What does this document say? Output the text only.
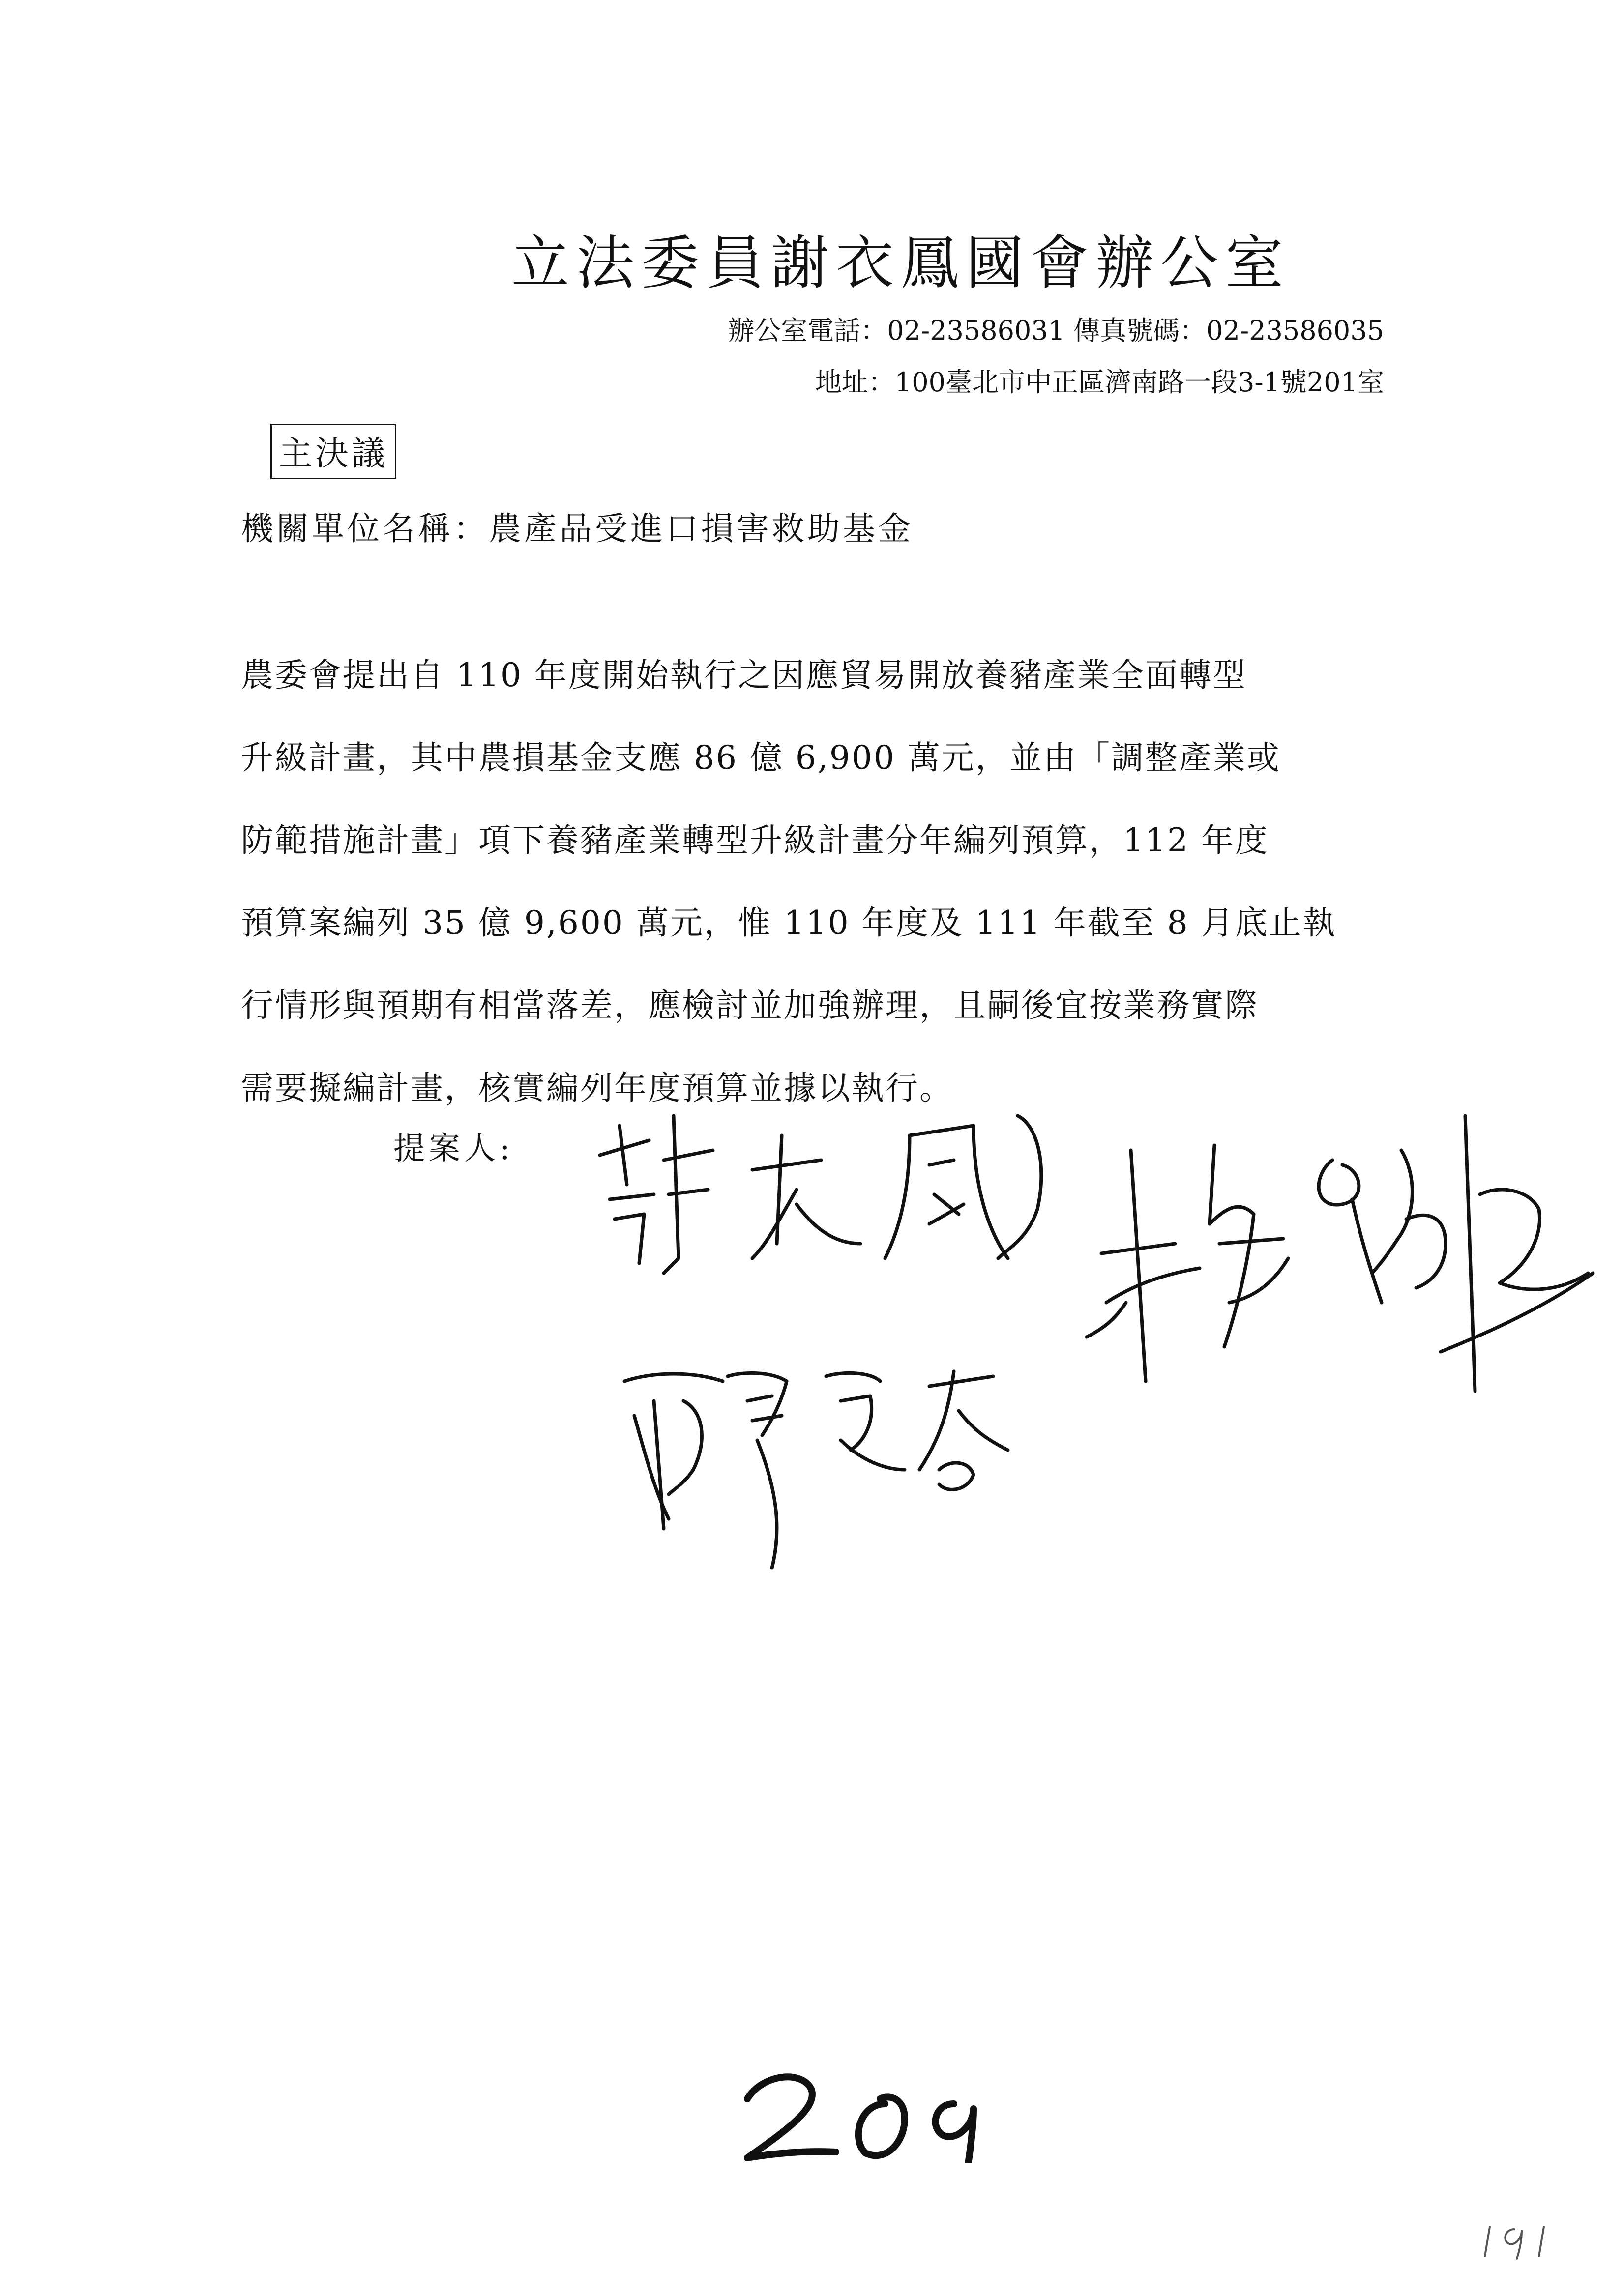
立法委員謝衣鳳國會辦公室
辦公室電話：02-23586031 傳真號碼：02-23586035
地址：100臺北市中正區濟南路一段3-1號201室
主決議
機關單位名稱：農產品受進口損害救助基金
農委會提出自 110 年度開始執行之因應貿易開放養豬產業全面轉型
升級計畫，其中農損基金支應 86 億 6,900 萬元，並由「調整產業或
防範措施計畫」項下養豬產業轉型升級計畫分年編列預算，112 年度
預算案編列 35 億 9,600 萬元，惟 110 年度及 111 年截至 8 月底止執
行情形與預期有相當落差，應檢討並加強辦理，且嗣後宜按業務實際
需要擬編計畫，核實編列年度預算並據以執行。
提案人:
